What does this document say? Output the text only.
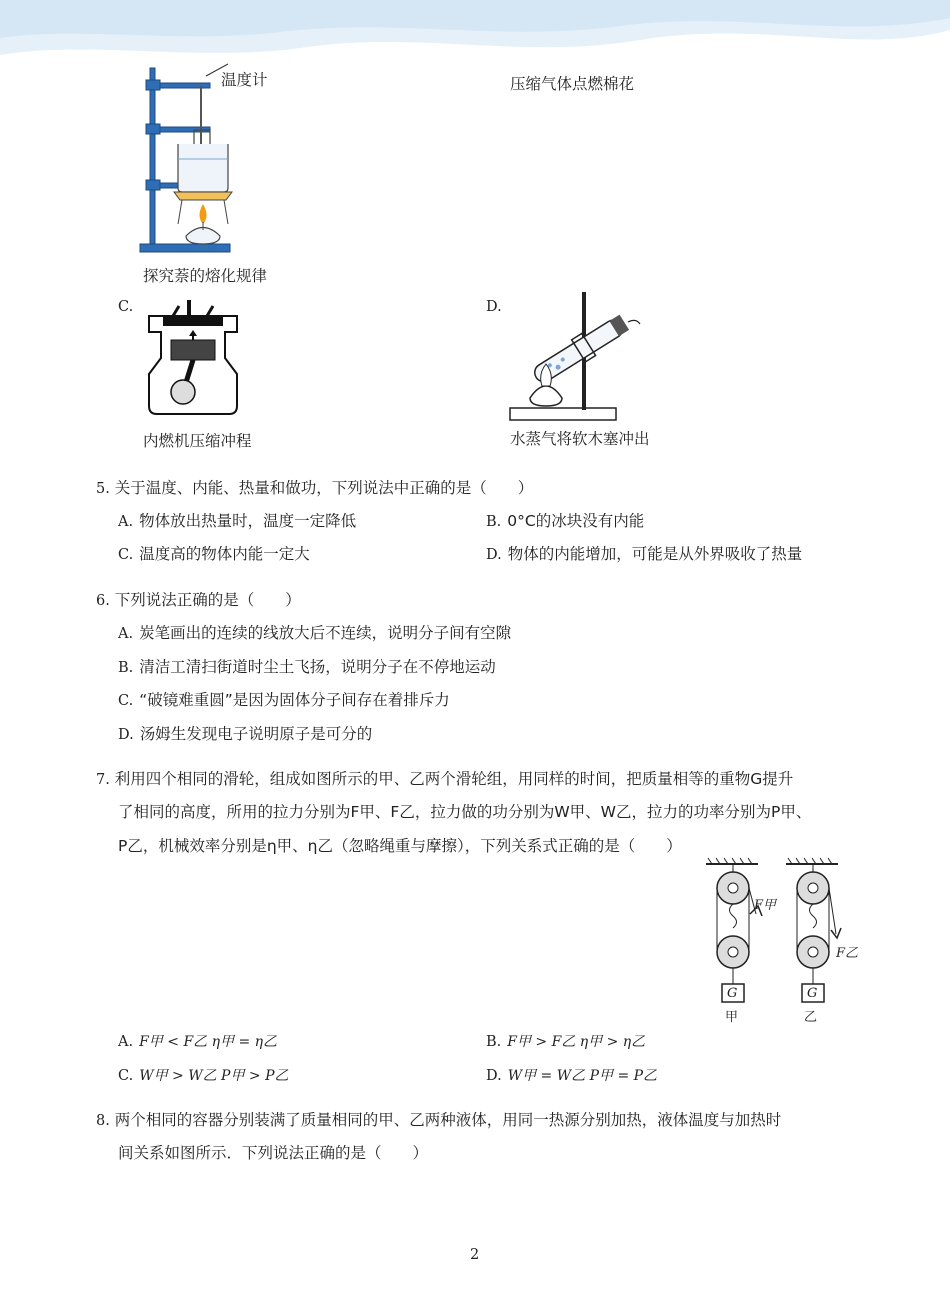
温度计
探究萘的熔化规律
压缩气体点燃棉花
C.
内燃机压缩冲程
D.
水蒸气将软木塞冲出
5. 关于温度、内能、热量和做功，下列说法中正确的是（　　）
A. 物体放出热量时，温度一定降低	B. 0°C的冰块没有内能
C. 温度高的物体内能一定大	D. 物体的内能增加，可能是从外界吸收了热量
6. 下列说法正确的是（　　）
A. 炭笔画出的连续的线放大后不连续，说明分子间有空隙
B. 清洁工清扫街道时尘土飞扬，说明分子在不停地运动
C. “破镜难重圆”是因为固体分子间存在着排斥力
D. 汤姆生发现电子说明原子是可分的
7. 利用四个相同的滑轮，组成如图所示的甲、乙两个滑轮组，用同样的时间，把质量相等的重物G提升
了相同的高度，所用的拉力分别为F甲、F乙，拉力做的功分别为W甲、W乙，拉力的功率分别为P甲、
P乙，机械效率分别是η甲、η乙（忽略绳重与摩擦），下列关系式正确的是（　　）
F甲
F乙
G	G
甲	乙
A. F甲 < F乙 η甲 = η乙	B. F甲 > F乙 η甲 > η乙
C. W甲 > W乙 P甲 > P乙	D. W甲 = W乙 P甲 = P乙
8. 两个相同的容器分别装满了质量相同的甲、乙两种液体，用同一热源分别加热，液体温度与加热时
间关系如图所示．下列说法正确的是（　　）
2
